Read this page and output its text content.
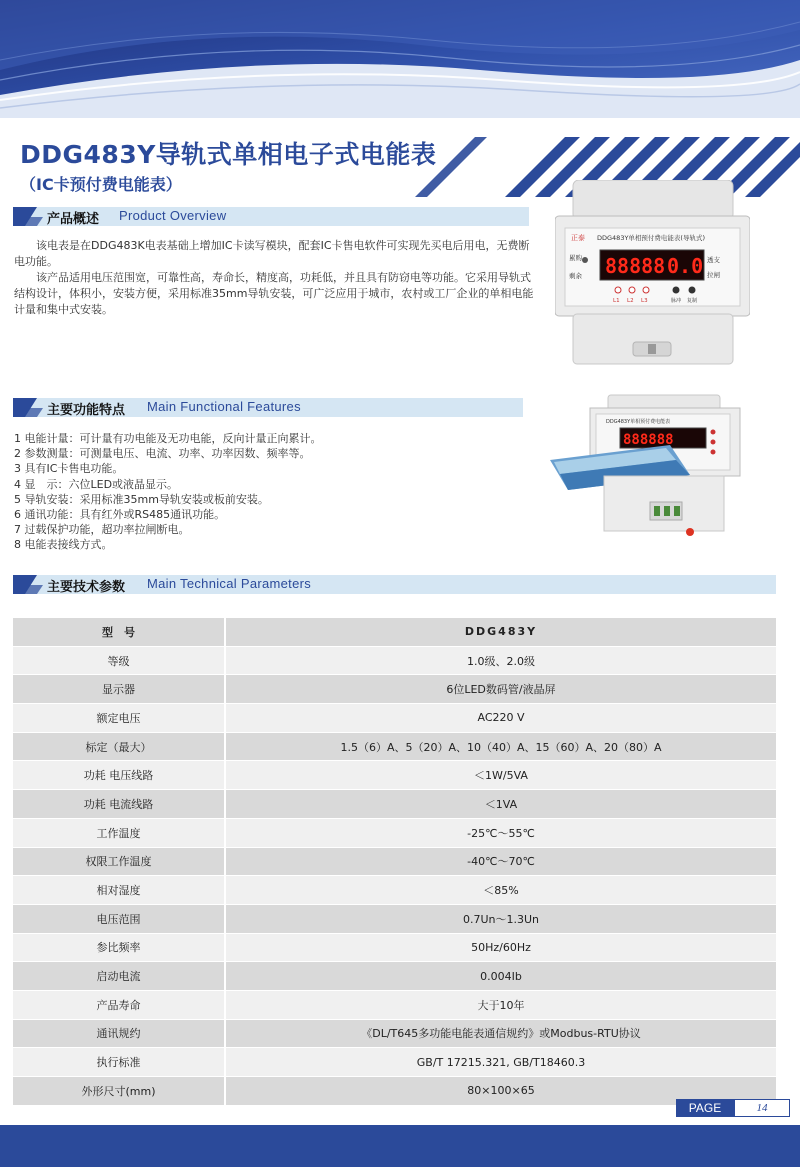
DDG483Y导轨式单相电子式电能表
（IC卡预付费电能表）
产品概述 Product Overview

该电表是在DDG483K电表基础上增加IC卡读写模块，配套IC卡售电软件可实现先买电后用电，无费断电功能。

该产品适用电压范围宽，可靠性高，寿命长，精度高，功耗低，并且具有防窃电等功能。它采用导轨式结构设计，体积小，安装方便，采用标准35mm导轨安装，可广泛应用于城市，农村或工厂企业的单相电能计量和集中式安装。

正泰 DDG483Y单相预付费电能表(导轨式)
累购
剩余 88888 0.0 透支
拉闸
L1 L2 L3	脉冲 复制
主要功能特点 Main Functional Features
1 电能计量：可计量有功电能及无功电能，反向计量正向累计。
2 参数测量：可测量电压、电流、功率、功率因数、频率等。
3 具有IC卡售电功能。
4 显　示：六位LED或液晶显示。
5 导轨安装：采用标准35mm导轨安装或板前安装。
6 通讯功能：具有红外或RS485通讯功能。
7 过载保护功能，超功率拉闸断电。
8 电能表接线方式。
DDG483Y单相预付费电能表
888888
主要技术参数 Main Technical Parameters
型　号	DDG483Y
等级	1.0级、2.0级
显示器	6位LED数码管/液晶屏
额定电压	AC220 V
标定（最大）	1.5（6）A、5（20）A、10（40）A、15（60）A、20（80）A
功耗 电压线路	＜1W/5VA
功耗 电流线路	＜1VA
工作温度	-25℃～55℃
权限工作温度	-40℃～70℃
相对湿度	＜85%
电压范围	0.7Un～1.3Un
参比频率	50Hz/60Hz
启动电流	0.004Ib
产品寿命	大于10年
通讯规约	《DL/T645多功能电能表通信规约》或Modbus-RTU协议
执行标准	GB/T 17215.321, GB/T18460.3
外形尺寸(mm)	80×100×65
PAGE	14
